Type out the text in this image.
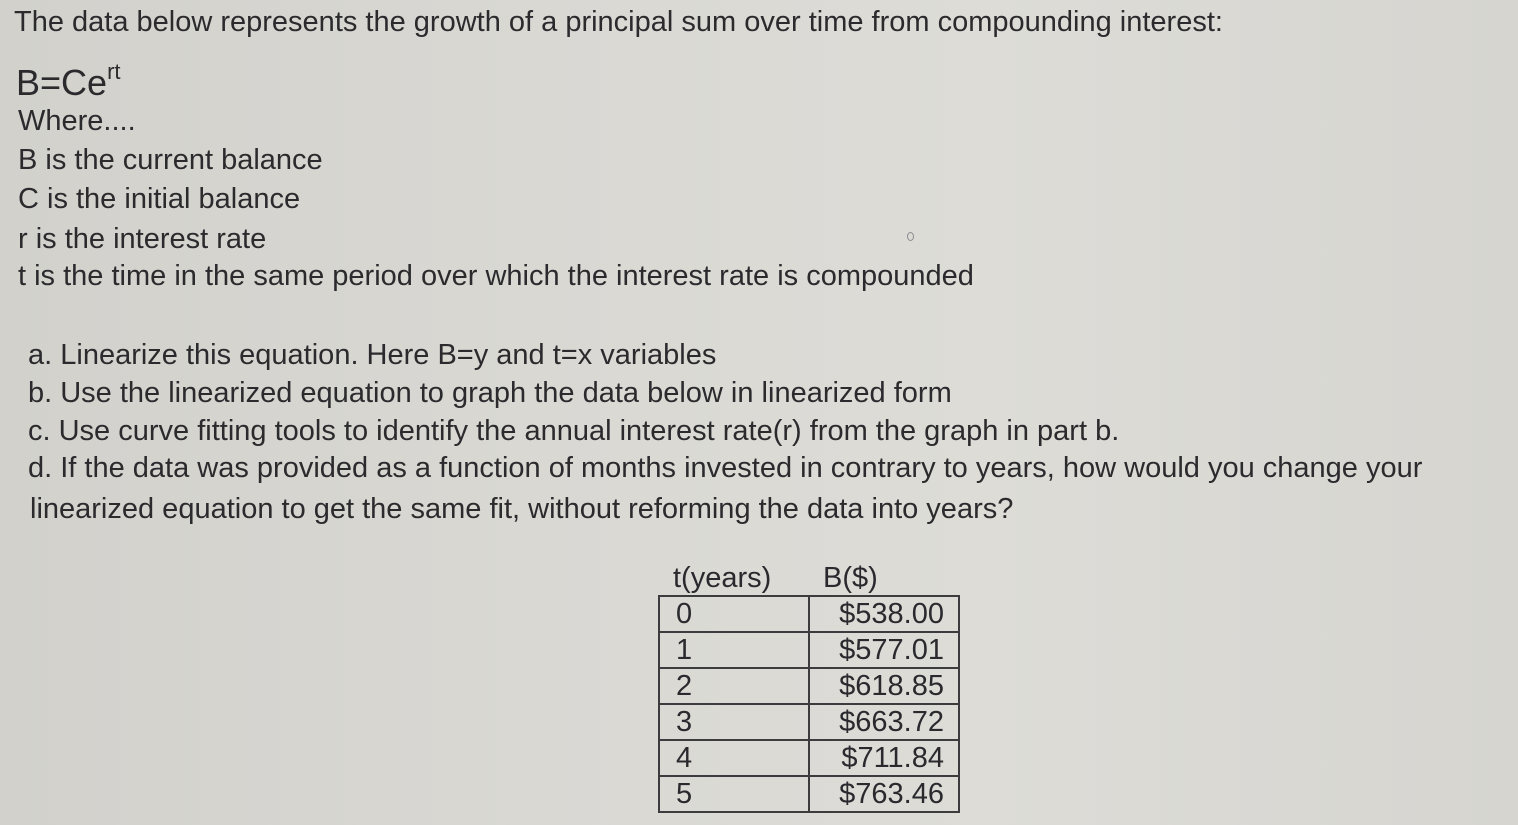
The data below represents the growth of a principal sum over time from compounding interest:
$B=Ce^{rt}$
Where....
B is the current balance
C is the initial balance
r is the interest rate
t is the time in the same period over which the interest rate is compounded
a. Linearize this equation. Here B=y and t=x variables
b. Use the linearized equation to graph the data below in linearized form
c. Use curve fitting tools to identify the annual interest rate(r) from the graph in part b.
d. If the data was provided as a function of months invested in contrary to years, how would you change your
linearized equation to get the same fit, without reforming the data into years?
t(years)	B($)
0	$538.00
1	$577.01
2	$618.85
3	$663.72
4	$711.84
5	$763.46
